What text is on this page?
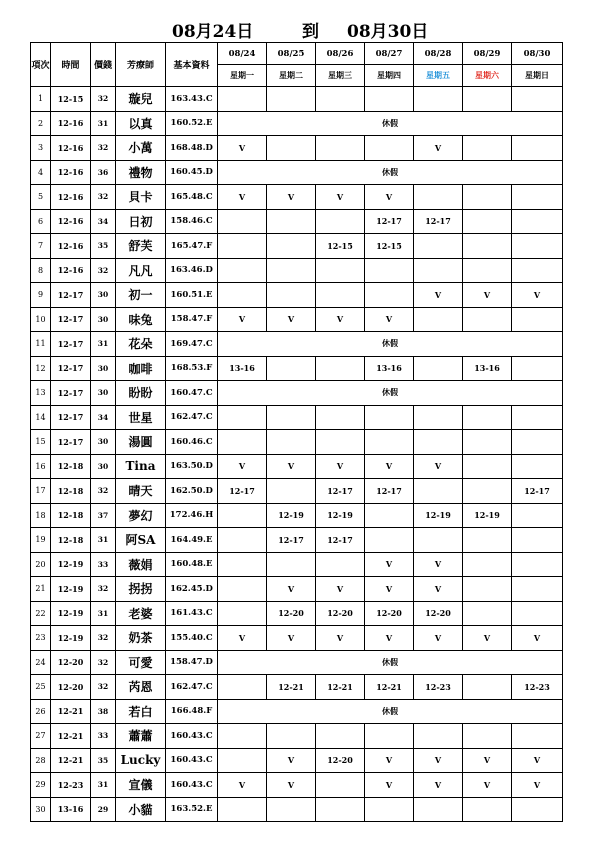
08月24日	到 08月30日
項次	時間	價錢	芳療師	基本資料	08/24	08/25	08/26	08/27	08/28	08/29	08/30
					星期一	星期二	星期三	星期四	星期五	星期六	星期日
1	12-15	32	璇兒	163.43.C							
2	12-16	31	以真	160.52.E	休假						
3	12-16	32	小萬	168.48.D	V				V		
4	12-16	36	禮物	160.45.D	休假						
5	12-16	32	貝卡	165.48.C	V	V	V	V			
6	12-16	34	日初	158.46.C				12-17	12-17		
7	12-16	35	舒芙	165.47.F			12-15	12-15			
8	12-16	32	凡凡	163.46.D							
9	12-17	30	初一	160.51.E					V	V	V
10	12-17	30	味兔	158.47.F	V	V	V	V			
11	12-17	31	花朵	169.47.C	休假						
12	12-17	30	咖啡	168.53.F	13-16			13-16		13-16	
13	12-17	30	盼盼	160.47.C	休假						
14	12-17	34	世星	162.47.C							
15	12-17	30	湯圓	160.46.C							
16	12-18	30	Tina	163.50.D	V	V	V	V	V		
17	12-18	32	晴天	162.50.D	12-17		12-17	12-17			12-17
18	12-18	37	夢幻	172.46.H		12-19	12-19		12-19	12-19	
19	12-18	31	阿SA	164.49.E		12-17	12-17				
20	12-19	33	薇娟	160.48.E				V	V		
21	12-19	32	拐拐	162.45.D		V	V	V	V		
22	12-19	31	老婆	161.43.C		12-20	12-20	12-20	12-20		
23	12-19	32	奶茶	155.40.C	V	V	V	V	V	V	V
24	12-20	32	可愛	158.47.D	休假						
25	12-20	32	芮恩	162.47.C		12-21	12-21	12-21	12-23		12-23
26	12-21	38	若白	166.48.F	休假						
27	12-21	33	蕭蕭	160.43.C							
28	12-21	35	Lucky	160.43.C		V	12-20	V	V	V	V
29	12-23	31	宣儀	160.43.C	V	V		V	V	V	V
30	13-16	29	小貓	163.52.E							
